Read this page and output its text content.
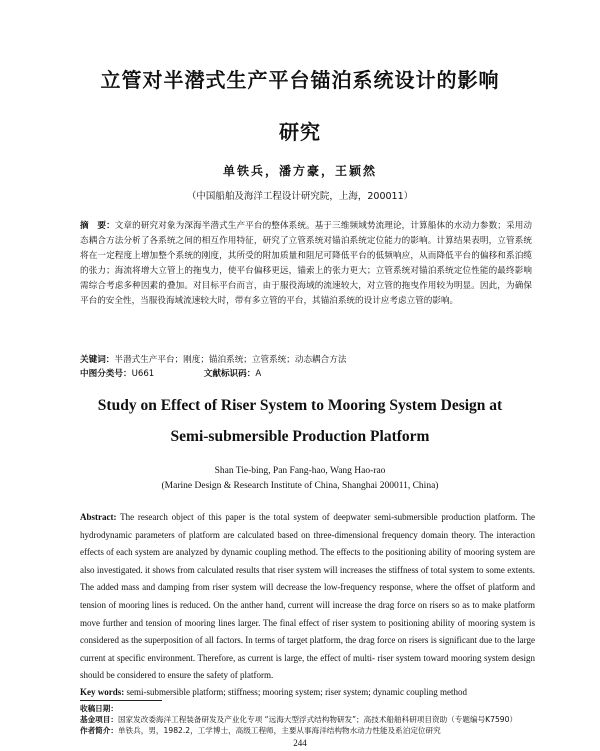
立管对半潜式生产平台锚泊系统设计的影响
研究
单铁兵，潘方豪，王颖然
（中国船舶及海洋工程设计研究院，上海，200011）
摘　要：文章的研究对象为深海半潜式生产平台的整体系统。基于三维频域势流理论，计算船体的水动力参数；采用动态耦合方法分析了各系统之间的相互作用特征，研究了立管系统对锚泊系统定位能力的影响。计算结果表明，立管系统将在一定程度上增加整个系统的刚度，其所受的附加质量和阻尼可降低平台的低频响应，从而降低平台的偏移和系泊缆的张力；海流将增大立管上的拖曳力，使平台偏移更远，锚索上的张力更大；立管系统对锚泊系统定位性能的最终影响需综合考虑多种因素的叠加。对目标平台而言，由于服役海域的流速较大，对立管的拖曳作用较为明显。因此，为确保平台的安全性，当服役海域流速较大时，带有多立管的平台，其锚泊系统的设计应考虑立管的影响。
关键词：半潜式生产平台；刚度；锚泊系统；立管系统；动态耦合方法
中图分类号：U661	文献标识码：A
Study on Effect of Riser System to Mooring System Design at
Semi-submersible Production Platform
Shan Tie-bing, Pan Fang-hao, Wang Hao-rao
(Marine Design & Research Institute of China, Shanghai 200011, China)
Abstract: The research object of this paper is the total system of deepwater semi-submersible production platform. The hydrodynamic parameters of platform are calculated based on three-dimensional frequency domain theory. The interaction effects of each system are analyzed by dynamic coupling method. The effects to the positioning ability of mooring system are also investigated. it shows from calculated results that riser system will increases the stiffness of total system to some extents. The added mass and damping from riser system will decrease the low-frequency response, where the offset of platform and tension of mooring lines is reduced. On the anther hand, current will increase the drag force on risers so as to make platform move further and tension of mooring lines larger. The final effect of riser system to positioning ability of mooring system is considered as the superposition of all factors. In terms of target platform, the drag force on risers is significant due to the large current at specific environment. Therefore, as current is large, the effect of multi- riser system toward mooring system design should be considered to ensure the safety of platform.
Key words: semi-submersible platform; stiffness; mooring system; riser system; dynamic coupling method
收稿日期：
基金项目：国家发改委海洋工程装备研发及产业化专项 “远海大型浮式结构物研发”；高技术船舶科研项目资助（专题编号K7590）
作者简介：单铁兵，男，1982.2，工学博士，高级工程师，主要从事海洋结构物水动力性能及系泊定位研究
244
